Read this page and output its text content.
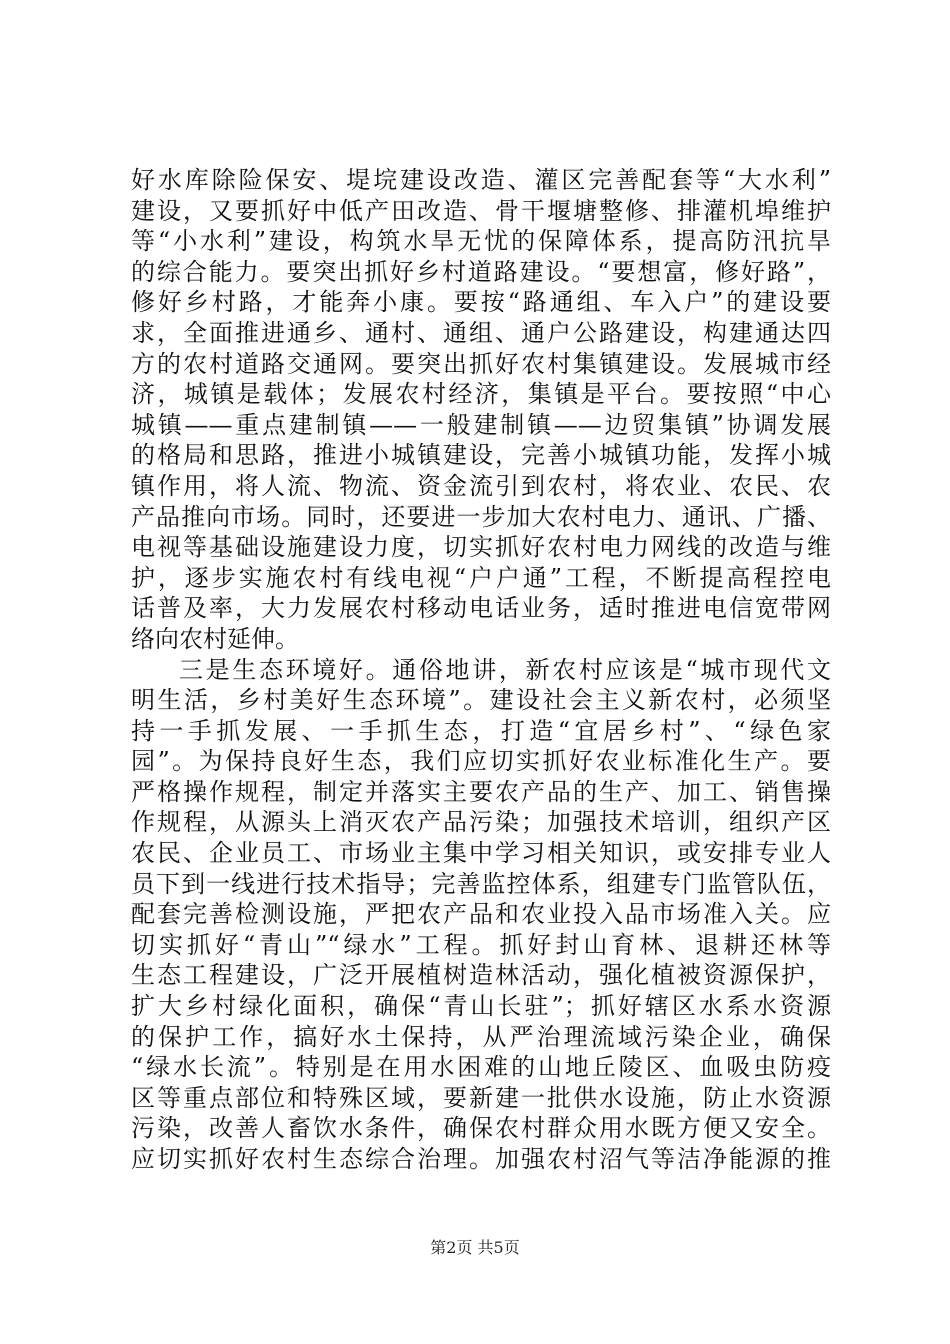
好水库除险保安、堤垸建设改造、灌区完善配套等“大水利”
建设，又要抓好中低产田改造、骨干堰塘整修、排灌机埠维护
等“小水利”建设，构筑水旱无忧的保障体系，提高防汛抗旱
的综合能力。要突出抓好乡村道路建设。“要想富，修好路”，
修好乡村路，才能奔小康。要按“路通组、车入户”的建设要
求，全面推进通乡、通村、通组、通户公路建设，构建通达四
方的农村道路交通网。要突出抓好农村集镇建设。发展城市经
济，城镇是载体；发展农村经济，集镇是平台。要按照“中心
城镇——重点建制镇——一般建制镇——边贸集镇”协调发展
的格局和思路，推进小城镇建设，完善小城镇功能，发挥小城
镇作用，将人流、物流、资金流引到农村，将农业、农民、农
产品推向市场。同时，还要进一步加大农村电力、通讯、广播、
电视等基础设施建设力度，切实抓好农村电力网线的改造与维
护，逐步实施农村有线电视“户户通”工程，不断提高程控电
话普及率，大力发展农村移动电话业务，适时推进电信宽带网
络向农村延伸。
三是生态环境好。通俗地讲，新农村应该是“城市现代文
明生活，乡村美好生态环境”。建设社会主义新农村，必须坚
持一手抓发展、一手抓生态，打造“宜居乡村”、“绿色家
园”。为保持良好生态，我们应切实抓好农业标准化生产。要
严格操作规程，制定并落实主要农产品的生产、加工、销售操
作规程，从源头上消灭农产品污染；加强技术培训，组织产区
农民、企业员工、市场业主集中学习相关知识，或安排专业人
员下到一线进行技术指导；完善监控体系，组建专门监管队伍，
配套完善检测设施，严把农产品和农业投入品市场准入关。应
切实抓好“青山”“绿水”工程。抓好封山育林、退耕还林等
生态工程建设，广泛开展植树造林活动，强化植被资源保护，
扩大乡村绿化面积，确保“青山长驻”；抓好辖区水系水资源
的保护工作，搞好水土保持，从严治理流域污染企业，确保
“绿水长流”。特别是在用水困难的山地丘陵区、血吸虫防疫
区等重点部位和特殊区域，要新建一批供水设施，防止水资源
污染，改善人畜饮水条件，确保农村群众用水既方便又安全。
应切实抓好农村生态综合治理。加强农村沼气等洁净能源的推
第2页 共5页
